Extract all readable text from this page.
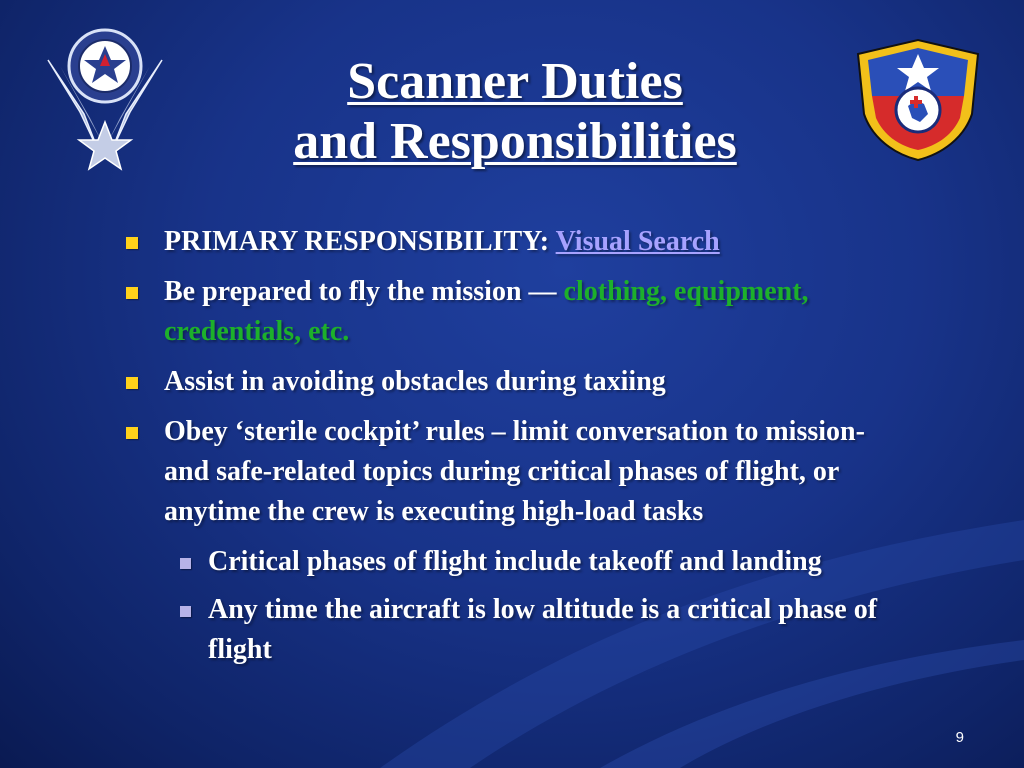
Scanner Duties
and Responsibilities
PRIMARY RESPONSIBILITY: Visual Search
Be prepared to fly the mission — clothing, equipment, credentials, etc.
Assist in avoiding obstacles during taxiing
Obey ‘sterile cockpit’ rules – limit conversation to mission- and safe-related topics during critical phases of flight, or anytime the crew is executing high-load tasks
Critical phases of flight include takeoff and landing
Any time the aircraft is low altitude is a critical phase of flight
9
